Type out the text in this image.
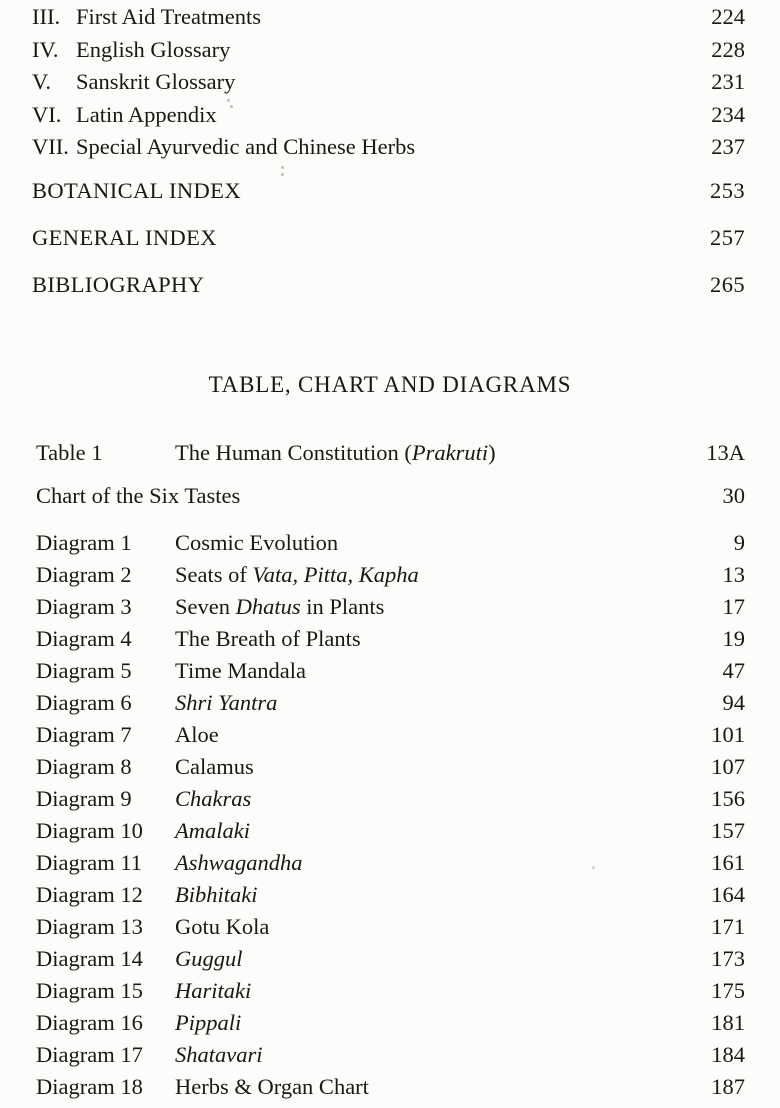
III. First Aid Treatments	224
IV. English Glossary	228
V.	Sanskrit Glossary	231
VI. Latin Appendix	234
VII. Special Ayurvedic and Chinese Herbs	237
BOTANICAL INDEX	253
GENERAL INDEX	257
BIBLIOGRAPHY	265
TABLE, CHART AND DIAGRAMS
Table 1	The Human Constitution (Prakruti)	13A
Chart of the Six Tastes	30
Diagram 1	Cosmic Evolution	9
Diagram 2	Seats of Vata, Pitta, Kapha	13
Diagram 3	Seven Dhatus in Plants	17
Diagram 4	The Breath of Plants	19
Diagram 5	Time Mandala	47
Diagram 6	Shri Yantra	94
Diagram 7	Aloe	101
Diagram 8	Calamus	107
Diagram 9	Chakras	156
Diagram 10	Amalaki	157
Diagram 11	Ashwagandha	161
Diagram 12	Bibhitaki	164
Diagram 13	Gotu Kola	171
Diagram 14	Guggul	173
Diagram 15	Haritaki	175
Diagram 16	Pippali	181
Diagram 17	Shatavari	184
Diagram 18	Herbs & Organ Chart	187
